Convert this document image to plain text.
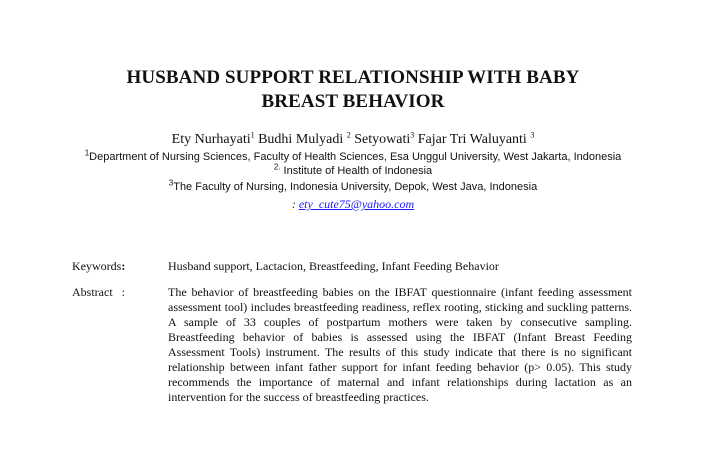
HUSBAND SUPPORT RELATIONSHIP WITH BABY

BREAST BEHAVIOR
Ety Nurhayati$^1$ Budhi Mulyadi $^2$ Setyowati$^3$ Fajar Tri Waluyanti $^3$
$^1$Department of Nursing Sciences, Faculty of Health Sciences, Esa Unggul University, West Jakarta, Indonesia
$^{2.}$ Institute of Health of Indonesia
$^3$The Faculty of Nursing, Indonesia University, Depok, West Java, Indonesia
: ety_cute75@yahoo.com
Keywords:	Husband support, Lactacion, Breastfeeding, Infant Feeding Behavior
Abstract   :	The behavior of breastfeeding babies on the IBFAT questionnaire (infant feeding assessment assessment tool) includes breastfeeding readiness, reflex rooting, sticking and suckling patterns. A sample of 33 couples of postpartum mothers were taken by consecutive sampling. Breastfeeding behavior of babies is assessed using the IBFAT (Infant Breast Feeding Assessment Tools) instrument. The results of this study indicate that there is no significant relationship between infant father support for infant feeding behavior (p> 0.05). This study recommends the importance of maternal and infant relationships during lactation as an intervention for the success of breastfeeding practices.
